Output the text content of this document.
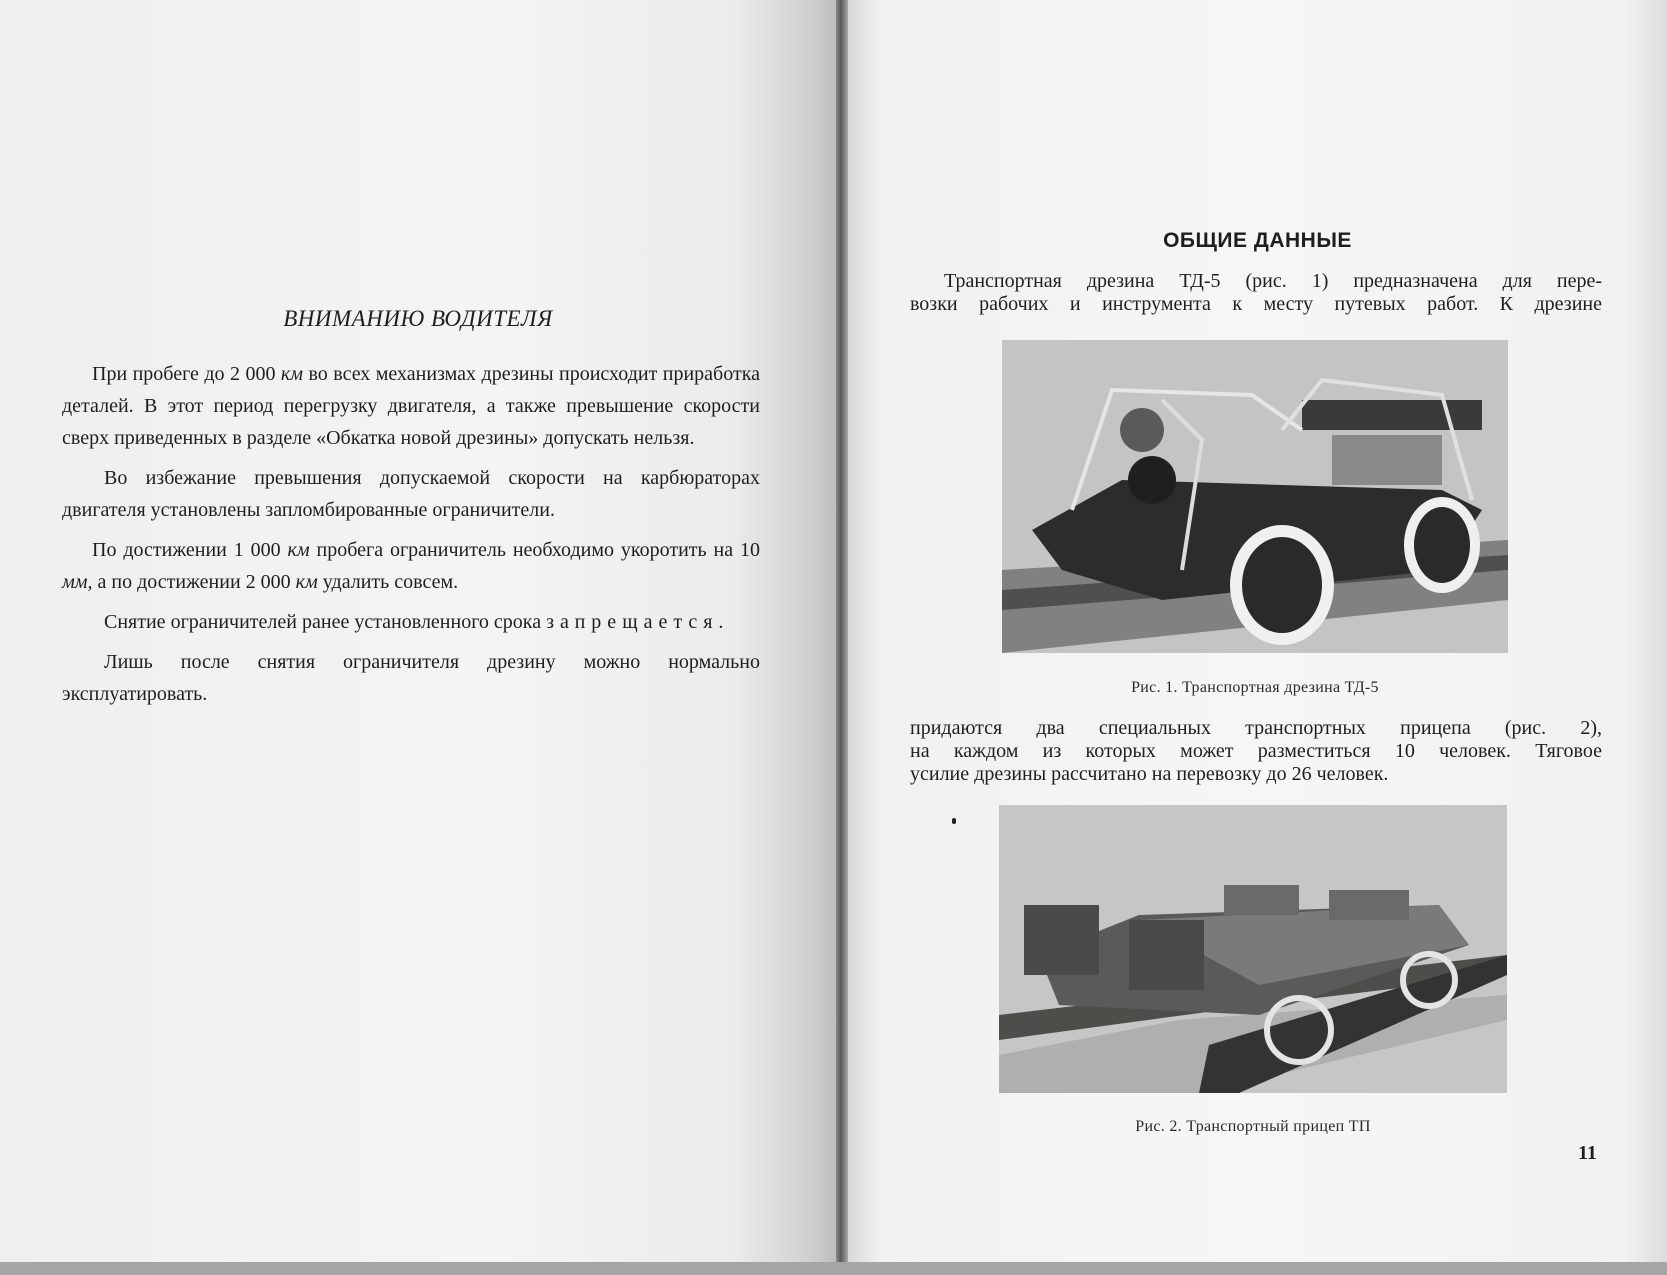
ВНИМАНИЮ ВОДИТЕЛЯ

При пробеге до 2 000 км во всех механизмах дрезины происходит приработка деталей. В этот период перегрузку двигателя, а также превышение скорости сверх приведенных в разделе «Обкатка новой дрезины» допускать нельзя.

Во избежание превышения допускаемой скорости на карбюраторах двигателя установлены запломбированные ограничители.

По достижении 1 000 км пробега ограничитель необходимо укоротить на 10 мм, а по достижении 2 000 км удалить совсем.

Снятие ограничителей ранее установленного срока запрещается.

Лишь после снятия ограничителя дрезину можно нормально эксплуатировать.

ОБЩИЕ ДАННЫЕ
Транспортная дрезина ТД-5 (рис. 1) предназначена для пере-
возки рабочих и инструмента к месту путевых работ. К дрезине
Рис. 1. Транспортная дрезина ТД-5
придаются два специальных транспортных прицепа (рис. 2),
на каждом из которых может разместиться 10 человек. Тяговое
усилие дрезины рассчитано на перевозку до 26 человек.
Рис. 2. Транспортный прицеп ТП
11
